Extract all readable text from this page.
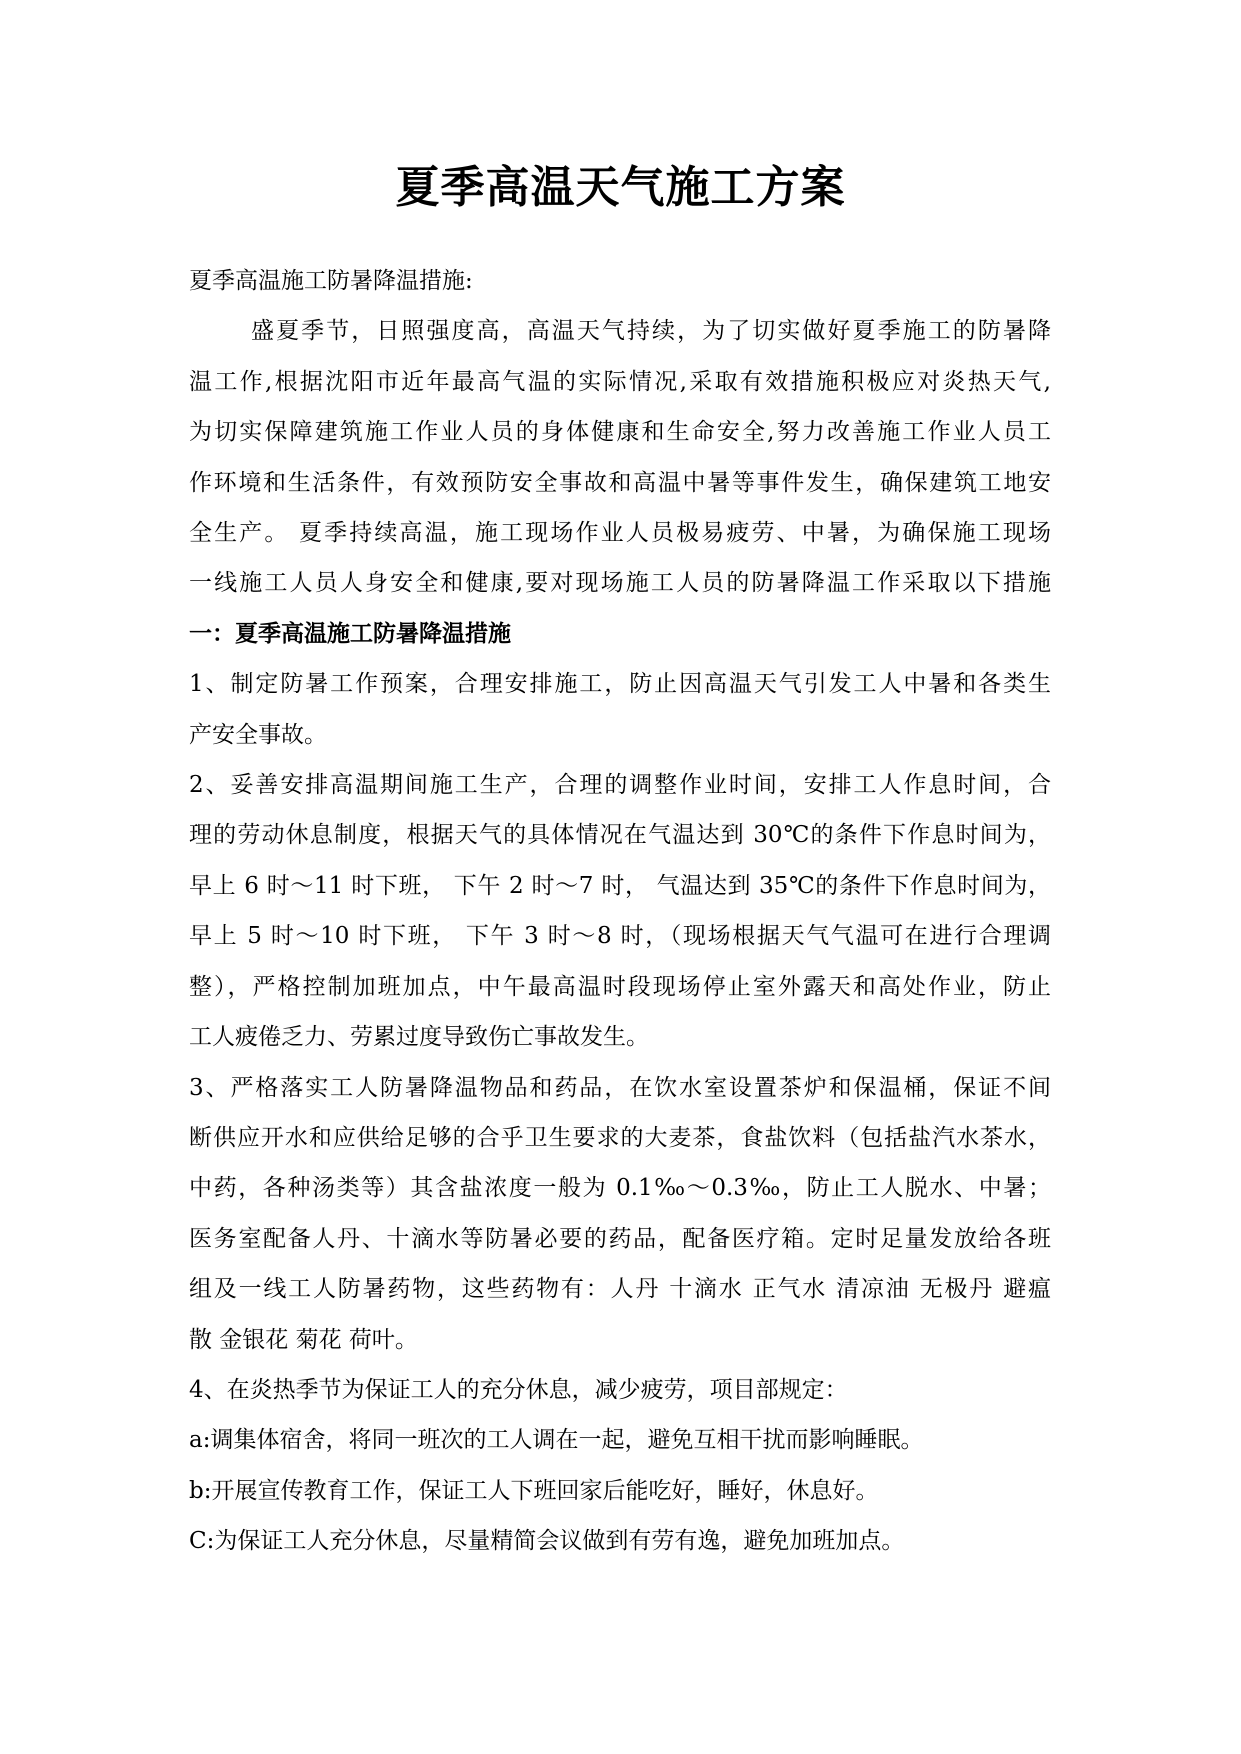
夏季高温天气施工方案

夏季高温施工防暑降温措施:

盛夏季节，日照强度高，高温天气持续，为了切实做好夏季施工的防暑降
温工作,根据沈阳市近年最高气温的实际情况,采取有效措施积极应对炎热天气,
为切实保障建筑施工作业人员的身体健康和生命安全,努力改善施工作业人员工
作环境和生活条件，有效预防安全事故和高温中暑等事件发生，确保建筑工地安
全生产。 夏季持续高温，施工现场作业人员极易疲劳、中暑，为确保施工现场
一线施工人员人身安全和健康,要对现场施工人员的防暑降温工作采取以下措施

一：夏季高温施工防暑降温措施

1、制定防暑工作预案，合理安排施工，防止因高温天气引发工人中暑和各类生
产安全事故。
2、妥善安排高温期间施工生产，合理的调整作业时间，安排工人作息时间，合
理的劳动休息制度，根据天气的具体情况在气温达到 30℃的条件下作息时间为，
早上 6 时～11 时下班， 下午 2 时～7 时， 气温达到 35℃的条件下作息时间为，
早上 5 时～10 时下班， 下午 3 时～8 时，（现场根据天气气温可在进行合理调
整），严格控制加班加点，中午最高温时段现场停止室外露天和高处作业，防止
工人疲倦乏力、劳累过度导致伤亡事故发生。
3、严格落实工人防暑降温物品和药品，在饮水室设置茶炉和保温桶，保证不间
断供应开水和应供给足够的合乎卫生要求的大麦茶，食盐饮料（包括盐汽水茶水，
中药，各种汤类等）其含盐浓度一般为 0.1‰～0.3‰，防止工人脱水、中暑；
医务室配备人丹、十滴水等防暑必要的药品，配备医疗箱。定时足量发放给各班
组及一线工人防暑药物，这些药物有：人丹 十滴水 正气水 清凉油 无极丹 避瘟
散 金银花 菊花 荷叶。

4、在炎热季节为保证工人的充分休息，减少疲劳，项目部规定：

a:调集体宿舍，将同一班次的工人调在一起，避免互相干扰而影响睡眠。

b:开展宣传教育工作，保证工人下班回家后能吃好，睡好，休息好。

C:为保证工人充分休息，尽量精简会议做到有劳有逸，避免加班加点。
